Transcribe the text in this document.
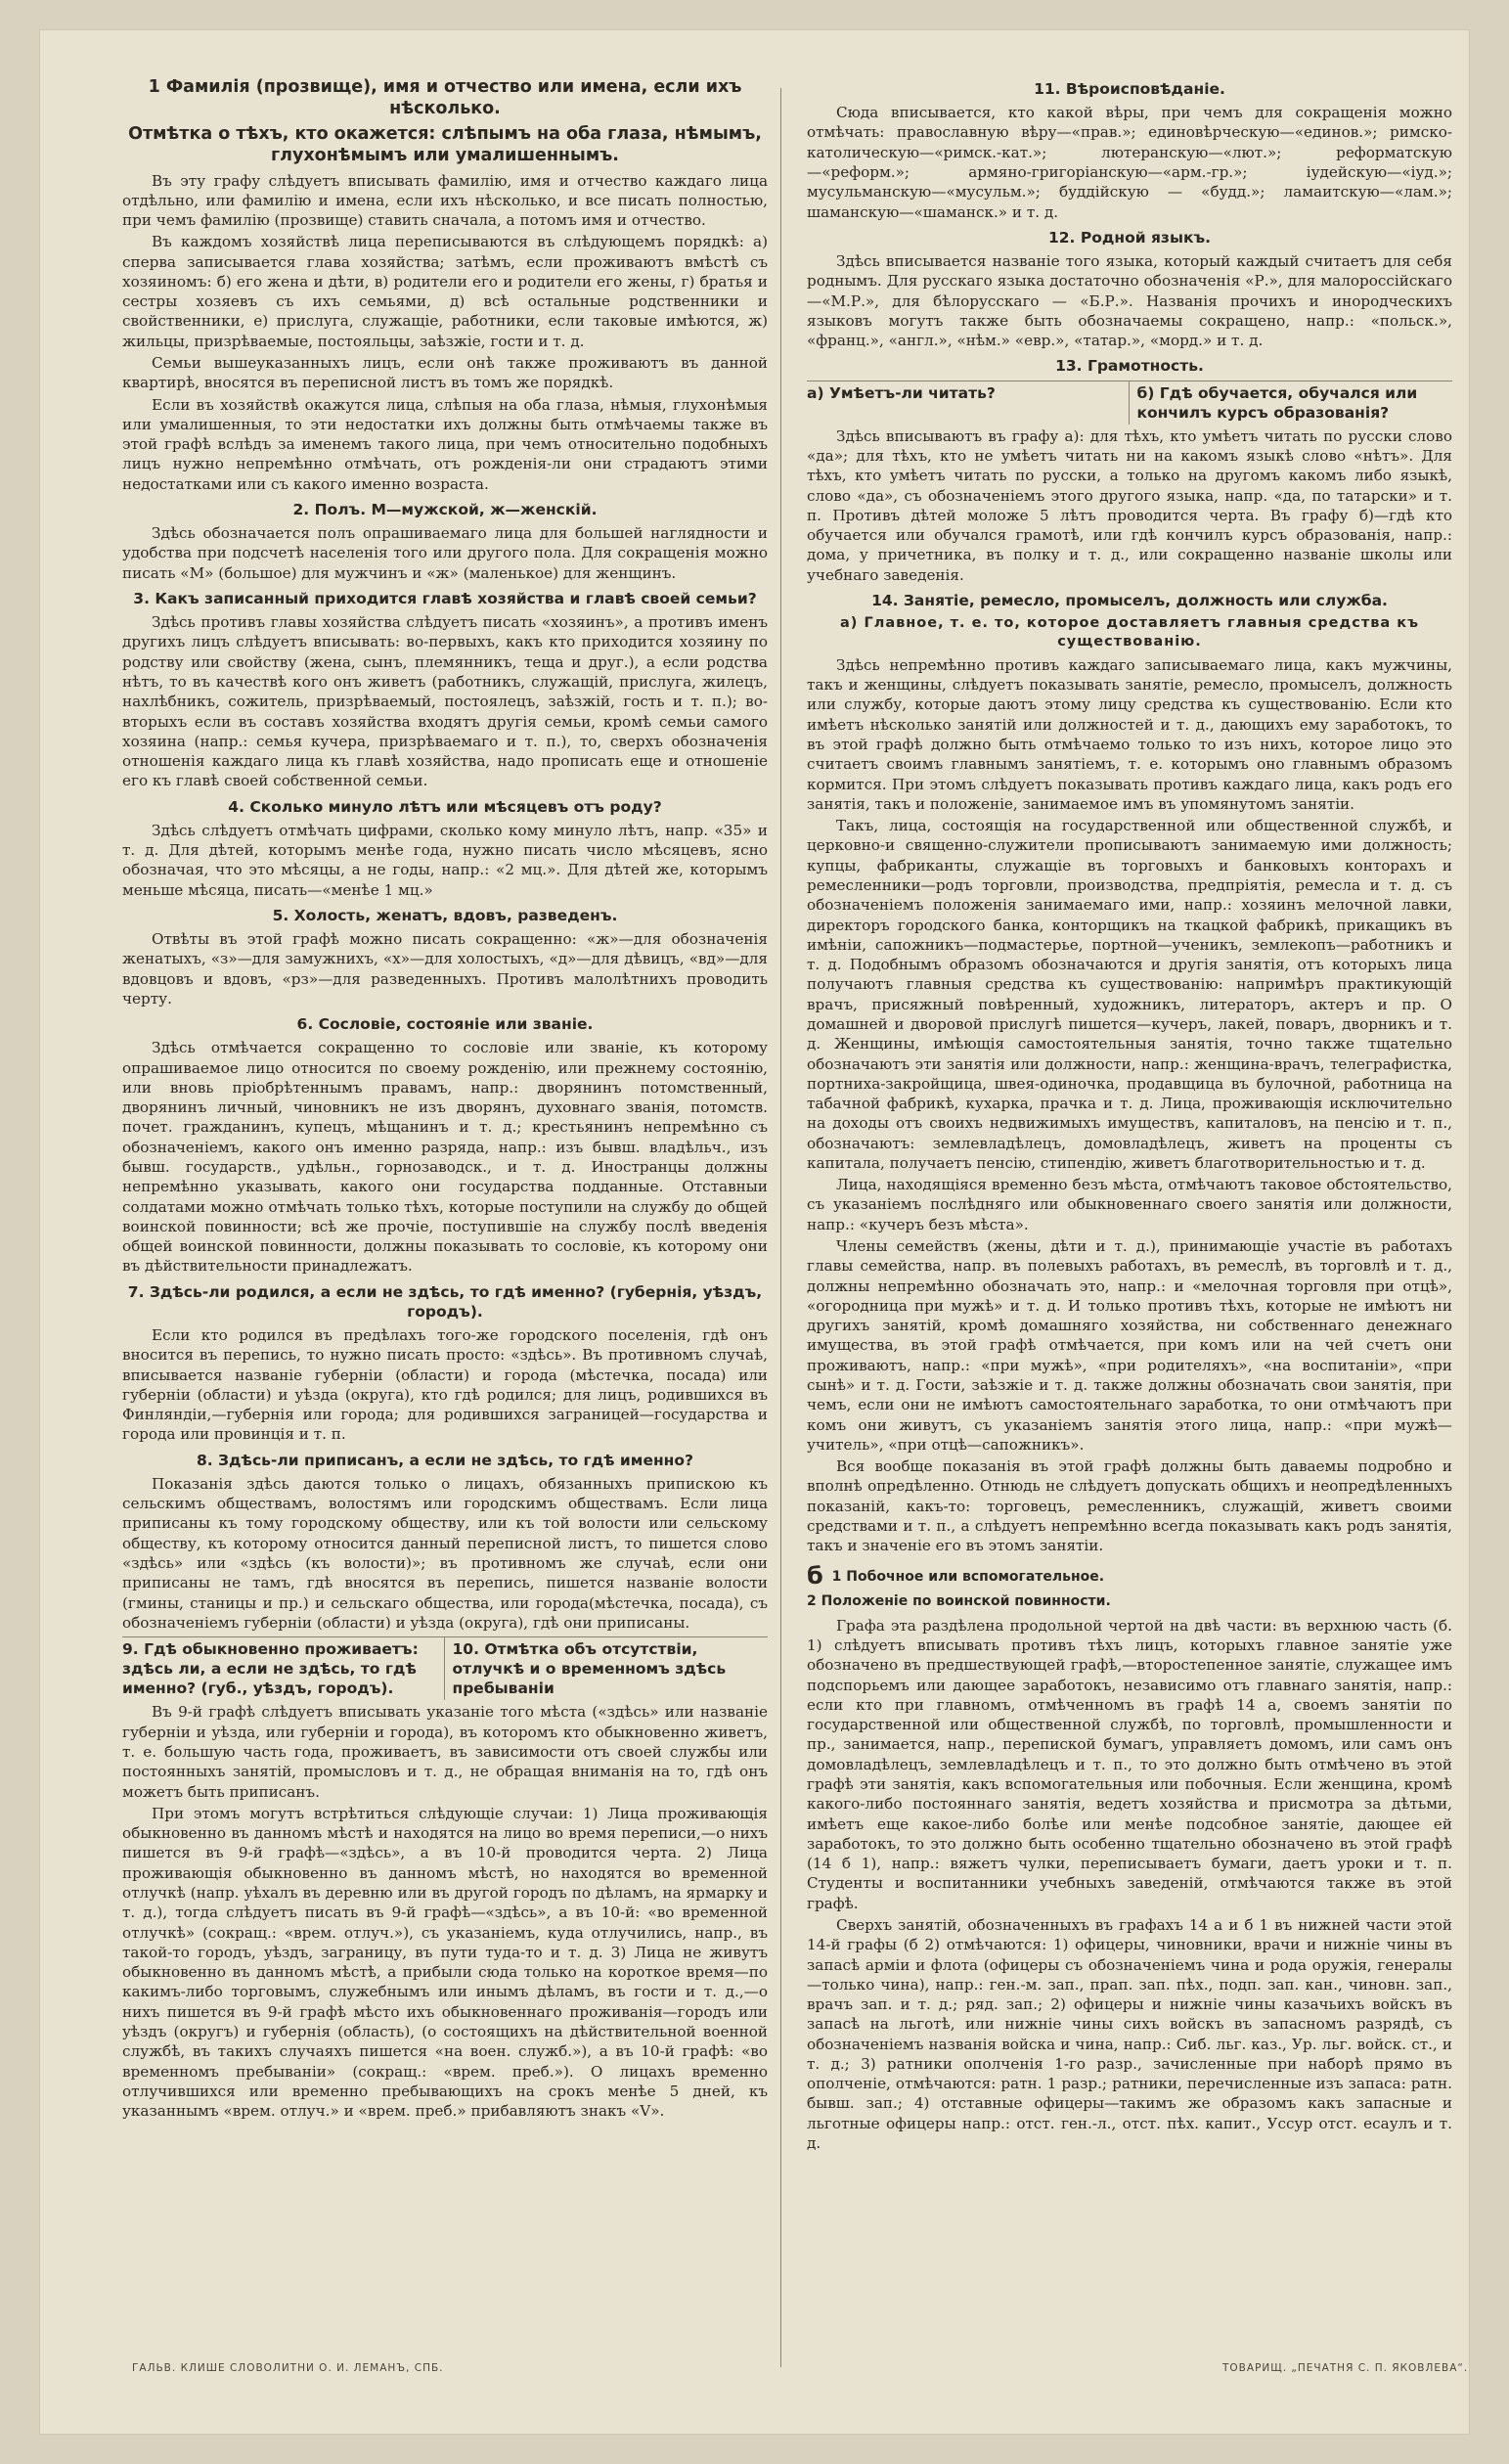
1 Фамилія (прозвище), имя и отчество или имена, если ихъ нѣсколько.
Отмѣтка о тѣхъ, кто окажется: слѣпымъ на оба глаза, нѣмымъ, глухонѣмымъ или умалишеннымъ.

Въ эту графу слѣдуетъ вписывать фамилію, имя и отчество каждаго лица отдѣльно, или фамилію и имена, если ихъ нѣсколько, и все писать полностью, при чемъ фамилію (прозвище) ставить сначала, а потомъ имя и отчество.

Въ каждомъ хозяйствѣ лица переписываются въ слѣдующемъ порядкѣ: а) сперва записывается глава хозяйства; затѣмъ, если проживаютъ вмѣстѣ съ хозяиномъ: б) его жена и дѣти, в) родители его и родители его жены, г) братья и сестры хозяевъ съ ихъ семьями, д) всѣ остальные родственники и свойственники, е) прислуга, служащіе, работники, если таковые имѣются, ж) жильцы, призрѣваемые, постояльцы, заѣзжіе, гости и т. д.

Семьи вышеуказанныхъ лицъ, если онѣ также проживаютъ въ данной квартирѣ, вносятся въ переписной листъ въ томъ же порядкѣ.

Если въ хозяйствѣ окажутся лица, слѣпыя на оба глаза, нѣмыя, глухонѣмыя или умалишенныя, то эти недостатки ихъ должны быть отмѣчаемы также въ этой графѣ вслѣдъ за именемъ такого лица, при чемъ относительно подобныхъ лицъ нужно непремѣнно отмѣчать, отъ рожденія-ли они страдаютъ этими недостатками или съ какого именно возраста.

2. Полъ. М—мужской, ж—женскій.

Здѣсь обозначается полъ опрашиваемаго лица для большей наглядности и удобства при подсчетѣ населенія того или другого пола. Для сокращенія можно писать «М» (большое) для мужчинъ и «ж» (маленькое) для женщинъ.

3. Какъ записанный приходится главѣ хозяйства и главѣ своей семьи?

Здѣсь противъ главы хозяйства слѣдуетъ писать «хозяинъ», а противъ именъ другихъ лицъ слѣдуетъ вписывать: во-первыхъ, какъ кто приходится хозяину по родству или свойству (жена, сынъ, племянникъ, теща и друг.), а если родства нѣтъ, то въ качествѣ кого онъ живетъ (работникъ, служащій, прислуга, жилецъ, нахлѣбникъ, сожитель, призрѣваемый, постоялецъ, заѣзжій, гость и т. п.); во-вторыхъ если въ составъ хозяйства входятъ другія семьи, кромѣ семьи самого хозяина (напр.: семья кучера, призрѣваемаго и т. п.), то, сверхъ обозначенія отношенія каждаго лица къ главѣ хозяйства, надо прописать еще и отношеніе его къ главѣ своей собственной семьи.

4. Сколько минуло лѣтъ или мѣсяцевъ отъ роду?

Здѣсь слѣдуетъ отмѣчать цифрами, сколько кому минуло лѣтъ, напр. «35» и т. д. Для дѣтей, которымъ менѣе года, нужно писать число мѣсяцевъ, ясно обозначая, что это мѣсяцы, а не годы, напр.: «2 мц.». Для дѣтей же, которымъ меньше мѣсяца, писать—«менѣе 1 мц.»

5. Холость, женатъ, вдовъ, разведенъ.

Отвѣты въ этой графѣ можно писать сокращенно: «ж»—для обозначенія женатыхъ, «з»—для замужнихъ, «х»—для холостыхъ, «д»—для дѣвицъ, «вд»—для вдовцовъ и вдовъ, «рз»—для разведенныхъ. Противъ малолѣтнихъ проводить черту.

6. Сословіе, состояніе или званіе.

Здѣсь отмѣчается сокращенно то сословіе или званіе, къ которому опрашиваемое лицо относится по своему рожденію, или прежнему состоянію, или вновь пріобрѣтеннымъ правамъ, напр.: дворянинъ потомственный, дворянинъ личный, чиновникъ не изъ дворянъ, духовнаго званія, потомств. почет. гражданинъ, купецъ, мѣщанинъ и т. д.; крестьянинъ непремѣнно съ обозначеніемъ, какого онъ именно разряда, напр.: изъ бывш. владѣльч., изъ бывш. государств., удѣльн., горнозаводск., и т. д. Иностранцы должны непремѣнно указывать, какого они государства подданные. Отставныи солдатами можно отмѣчать только тѣхъ, которые поступили на службу до общей воинской повинности; всѣ же прочіе, поступившіе на службу послѣ введенія общей воинской повинности, должны показывать то сословіе, къ которому они въ дѣйствительности принадлежатъ.

7. Здѣсь-ли родился, а если не здѣсь, то гдѣ именно? (губернія, уѣздъ, городъ).

Если кто родился въ предѣлахъ того-же городского поселенія, гдѣ онъ вносится въ перепись, то нужно писать просто: «здѣсь». Въ противномъ случаѣ, вписывается названіе губерніи (области) и города (мѣстечка, посада) или губерніи (области) и уѣзда (округа), кто гдѣ родился; для лицъ, родившихся въ Финляндіи,—губернія или города; для родившихся заграницей—государства и города или провинція и т. п.

8. Здѣсь-ли приписанъ, а если не здѣсь, то гдѣ именно?

Показанія здѣсь даются только о лицахъ, обязанныхъ припискою къ сельскимъ обществамъ, волостямъ или городскимъ обществамъ. Если лица приписаны къ тому городскому обществу, или къ той волости или сельскому обществу, къ которому относится данный переписной листъ, то пишется слово «здѣсь» или «здѣсь (къ волости)»; въ противномъ же случаѣ, если они приписаны не тамъ, гдѣ вносятся въ перепись, пишется названіе волости (гмины, станицы и пр.) и сельскаго общества, или города(мѣстечка, посада), съ обозначеніемъ губерніи (области) и уѣзда (округа), гдѣ они приписаны.

9. Гдѣ обыкновенно проживаетъ: здѣсь ли, а если не здѣсь, то гдѣ именно? (губ., уѣздъ, городъ).
10. Отмѣтка объ отсутствіи, отлучкѣ и о временномъ здѣсь пребываніи

Въ 9-й графѣ слѣдуетъ вписывать указаніе того мѣста («здѣсь» или названіе губерніи и уѣзда, или губерніи и города), въ которомъ кто обыкновенно живетъ, т. е. большую часть года, проживаетъ, въ зависимости отъ своей службы или постоянныхъ занятій, промысловъ и т. д., не обращая вниманія на то, гдѣ онъ можетъ быть приписанъ.

При этомъ могутъ встрѣтиться слѣдующіе случаи: 1) Лица проживающія обыкновенно въ данномъ мѣстѣ и находятся на лицо во время переписи,—о нихъ пишется въ 9-й графѣ—«здѣсь», а въ 10-й проводится черта. 2) Лица проживающія обыкновенно въ данномъ мѣстѣ, но находятся во временной отлучкѣ (напр. уѣхалъ въ деревню или въ другой городъ по дѣламъ, на ярмарку и т. д.), тогда слѣдуетъ писать въ 9-й графѣ—«здѣсь», а въ 10-й: «во временной отлучкѣ» (сокращ.: «врем. отлуч.»), съ указаніемъ, куда отлучились, напр., въ такой-то городъ, уѣздъ, заграницу, въ пути туда-то и т. д. 3) Лица не живутъ обыкновенно въ данномъ мѣстѣ, а прибыли сюда только на короткое время—по какимъ-либо торговымъ, служебнымъ или инымъ дѣламъ, въ гости и т. д.,—о нихъ пишется въ 9-й графѣ мѣсто ихъ обыкновеннаго проживанія—городъ или уѣздъ (округъ) и губернія (область), (о состоящихъ на дѣйствительной военной службѣ, въ такихъ случаяхъ пишется «на воен. служб.»), а въ 10-й графѣ: «во временномъ пребываніи» (сокращ.: «врем. преб.»). О лицахъ временно отлучившихся или временно пребывающихъ на срокъ менѣе 5 дней, къ указаннымъ «врем. отлуч.» и «врем. преб.» прибавляютъ знакъ «V».

11. Вѣроисповѣданіе.

Сюда вписывается, кто какой вѣры, при чемъ для сокращенія можно отмѣчать: православную вѣру—«прав.»; единовѣрческую—«единов.»; римско-католическую—«римск.-кат.»; лютеранскую—«лют.»; реформатскую—«реформ.»; армяно-григоріанскую—«арм.-гр.»; іудейскую—«іуд.»; мусульманскую—«мусульм.»; буддійскую — «будд.»; ламаитскую—«лам.»; шаманскую—«шаманск.» и т. д.

12. Родной языкъ.

Здѣсь вписывается названіе того языка, который каждый считаетъ для себя роднымъ. Для русскаго языка достаточно обозначенія «Р.», для малороссійскаго—«М.Р.», для бѣлорусскаго — «Б.Р.». Названія прочихъ и инородческихъ языковъ могутъ также быть обозначаемы сокращено, напр.: «польск.», «франц.», «англ.», «нѣм.» «евр.», «татар.», «морд.» и т. д.

13. Грамотность.
а) Умѣетъ-ли читать?	б) Гдѣ обучается, обучался или кончилъ курсъ образованія?

Здѣсь вписываютъ въ графу а): для тѣхъ, кто умѣетъ читать по русски слово «да»; для тѣхъ, кто не умѣетъ читать ни на какомъ языкѣ слово «нѣтъ». Для тѣхъ, кто умѣетъ читать по русски, а только на другомъ какомъ либо языкѣ, слово «да», съ обозначеніемъ этого другого языка, напр. «да, по татарски» и т. п. Противъ дѣтей моложе 5 лѣтъ проводится черта. Въ графу б)—гдѣ кто обучается или обучался грамотѣ, или гдѣ кончилъ курсъ образованія, напр.: дома, у причетника, въ полку и т. д., или сокращенно названіе школы или учебнаго заведенія.

14. Занятіе, ремесло, промыселъ, должность или служба.
а) Главное, т. е. то, которое доставляетъ главныя средства къ существованію.

Здѣсь непремѣнно противъ каждаго записываемаго лица, какъ мужчины, такъ и женщины, слѣдуетъ показывать занятіе, ремесло, промыселъ, должность или службу, которые даютъ этому лицу средства къ существованію. Если кто имѣетъ нѣсколько занятій или должностей и т. д., дающихъ ему заработокъ, то въ этой графѣ должно быть отмѣчаемо только то изъ нихъ, которое лицо это считаетъ своимъ главнымъ занятіемъ, т. е. которымъ оно главнымъ образомъ кормится. При этомъ слѣдуетъ показывать противъ каждаго лица, какъ родъ его занятія, такъ и положеніе, занимаемое имъ въ упомянутомъ занятіи.

Такъ, лица, состоящія на государственной или общественной службѣ, и церковно-и священно-служители прописываютъ занимаемую ими должность; купцы, фабриканты, служащіе въ торговыхъ и банковыхъ конторахъ и ремесленники—родъ торговли, производства, предпріятія, ремесла и т. д. съ обозначеніемъ положенія занимаемаго ими, напр.: хозяинъ мелочной лавки, директоръ городского банка, конторщикъ на ткацкой фабрикѣ, прикащикъ въ имѣніи, сапожникъ—подмастерье, портной—ученикъ, землекопъ—работникъ и т. д. Подобнымъ образомъ обозначаются и другія занятія, отъ которыхъ лица получаютъ главныя средства къ существованію: напримѣръ практикующій врачъ, присяжный повѣренный, художникъ, литераторъ, актеръ и пр. О домашней и дворовой прислугѣ пишется—кучеръ, лакей, поваръ, дворникъ и т. д. Женщины, имѣющія самостоятельныя занятія, точно также тщательно обозначаютъ эти занятія или должности, напр.: женщина-врачъ, телеграфистка, портниха-закройщица, швея-одиночка, продавщица въ булочной, работница на табачной фабрикѣ, кухарка, прачка и т. д. Лица, проживающія исключительно на доходы отъ своихъ недвижимыхъ имуществъ, капиталовъ, на пенсію и т. п., обозначаютъ: землевладѣлецъ, домовладѣлецъ, живетъ на проценты съ капитала, получаетъ пенсію, стипендію, живетъ благотворительностью и т. д.

Лица, находящіяся временно безъ мѣста, отмѣчаютъ таковое обстоятельство, съ указаніемъ послѣдняго или обыкновеннаго своего занятія или должности, напр.: «кучеръ безъ мѣста».

Члены семействъ (жены, дѣти и т. д.), принимающіе участіе въ работахъ главы семейства, напр. въ полевыхъ работахъ, въ ремеслѣ, въ торговлѣ и т. д., должны непремѣнно обозначать это, напр.: и «мелочная торговля при отцѣ», «огородница при мужѣ» и т. д. И только противъ тѣхъ, которые не имѣютъ ни другихъ занятій, кромѣ домашняго хозяйства, ни собственнаго денежнаго имущества, въ этой графѣ отмѣчается, при комъ или на чей счетъ они проживаютъ, напр.: «при мужѣ», «при родителяхъ», «на воспитаніи», «при сынѣ» и т. д. Гости, заѣзжіе и т. д. также должны обозначать свои занятія, при чемъ, если они не имѣютъ самостоятельнаго заработка, то они отмѣчаютъ при комъ они живутъ, съ указаніемъ занятія этого лица, напр.: «при мужѣ—учитель», «при отцѣ—сапожникъ».

Вся вообще показанія въ этой графѣ должны быть даваемы подробно и вполнѣ опредѣленно. Отнюдь не слѣдуетъ допускать общихъ и неопредѣленныхъ показаній, какъ-то: торговецъ, ремесленникъ, служащій, живетъ своими средствами и т. п., а слѣдуетъ непремѣнно всегда показывать какъ родъ занятія, такъ и значеніе его въ этомъ занятіи.

б 1 Побочное или вспомогательное.
2 Положеніе по воинской повинности.

Графа эта раздѣлена продольной чертой на двѣ части: въ верхнюю часть (б. 1) слѣдуетъ вписывать противъ тѣхъ лицъ, которыхъ главное занятіе уже обозначено въ предшествующей графѣ,—второстепенное занятіе, служащее имъ подспорьемъ или дающее заработокъ, независимо отъ главнаго занятія, напр.: если кто при главномъ, отмѣченномъ въ графѣ 14 а, своемъ занятіи по государственной или общественной службѣ, по торговлѣ, промышленности и пр., занимается, напр., перепиской бумагъ, управляетъ домомъ, или самъ онъ домовладѣлецъ, землевладѣлецъ и т. п., то это должно быть отмѣчено въ этой графѣ эти занятія, какъ вспомогательныя или побочныя. Если женщина, кромѣ какого-либо постояннаго занятія, ведетъ хозяйства и присмотра за дѣтьми, имѣетъ еще какое-либо болѣе или менѣе подсобное занятіе, дающее ей заработокъ, то это должно быть особенно тщательно обозначено въ этой графѣ (14 б 1), напр.: вяжетъ чулки, переписываетъ бумаги, даетъ уроки и т. п. Студенты и воспитанники учебныхъ заведеній, отмѣчаются также въ этой графѣ.

Сверхъ занятій, обозначенныхъ въ графахъ 14 а и б 1 въ нижней части этой 14-й графы (б 2) отмѣчаются: 1) офицеры, чиновники, врачи и нижніе чины въ запасѣ арміи и флота (офицеры съ обозначеніемъ чина и рода оружія, генералы—только чина), напр.: ген.-м. зап., прап. зап. пѣх., подп. зап. кан., чиновн. зап., врачъ зап. и т. д.; ряд. зап.; 2) офицеры и нижніе чины казачьихъ войскъ въ запасѣ на льготѣ, или нижніе чины сихъ войскъ въ запасномъ разрядѣ, съ обозначеніемъ названія войска и чина, напр.: Сиб. льг. каз., Ур. льг. войск. ст., и т. д.; 3) ратники ополченія 1-го разр., зачисленные при наборѣ прямо въ ополченіе, отмѣчаются: ратн. 1 разр.; ратники, перечисленные изъ запаса: ратн. бывш. зап.; 4) отставные офицеры—такимъ же образомъ какъ запасные и льготные офицеры напр.: отст. ген.-л., отст. пѣх. капит., Уссур отст. есаулъ и т. д.

ГАЛЬВ. КЛИШЕ СЛОВОЛИТНИ О. И. ЛЕМАНЪ, СПБ.	ТОВАРИЩ. „ПЕЧАТНЯ С. П. ЯКОВЛЕВА“.
